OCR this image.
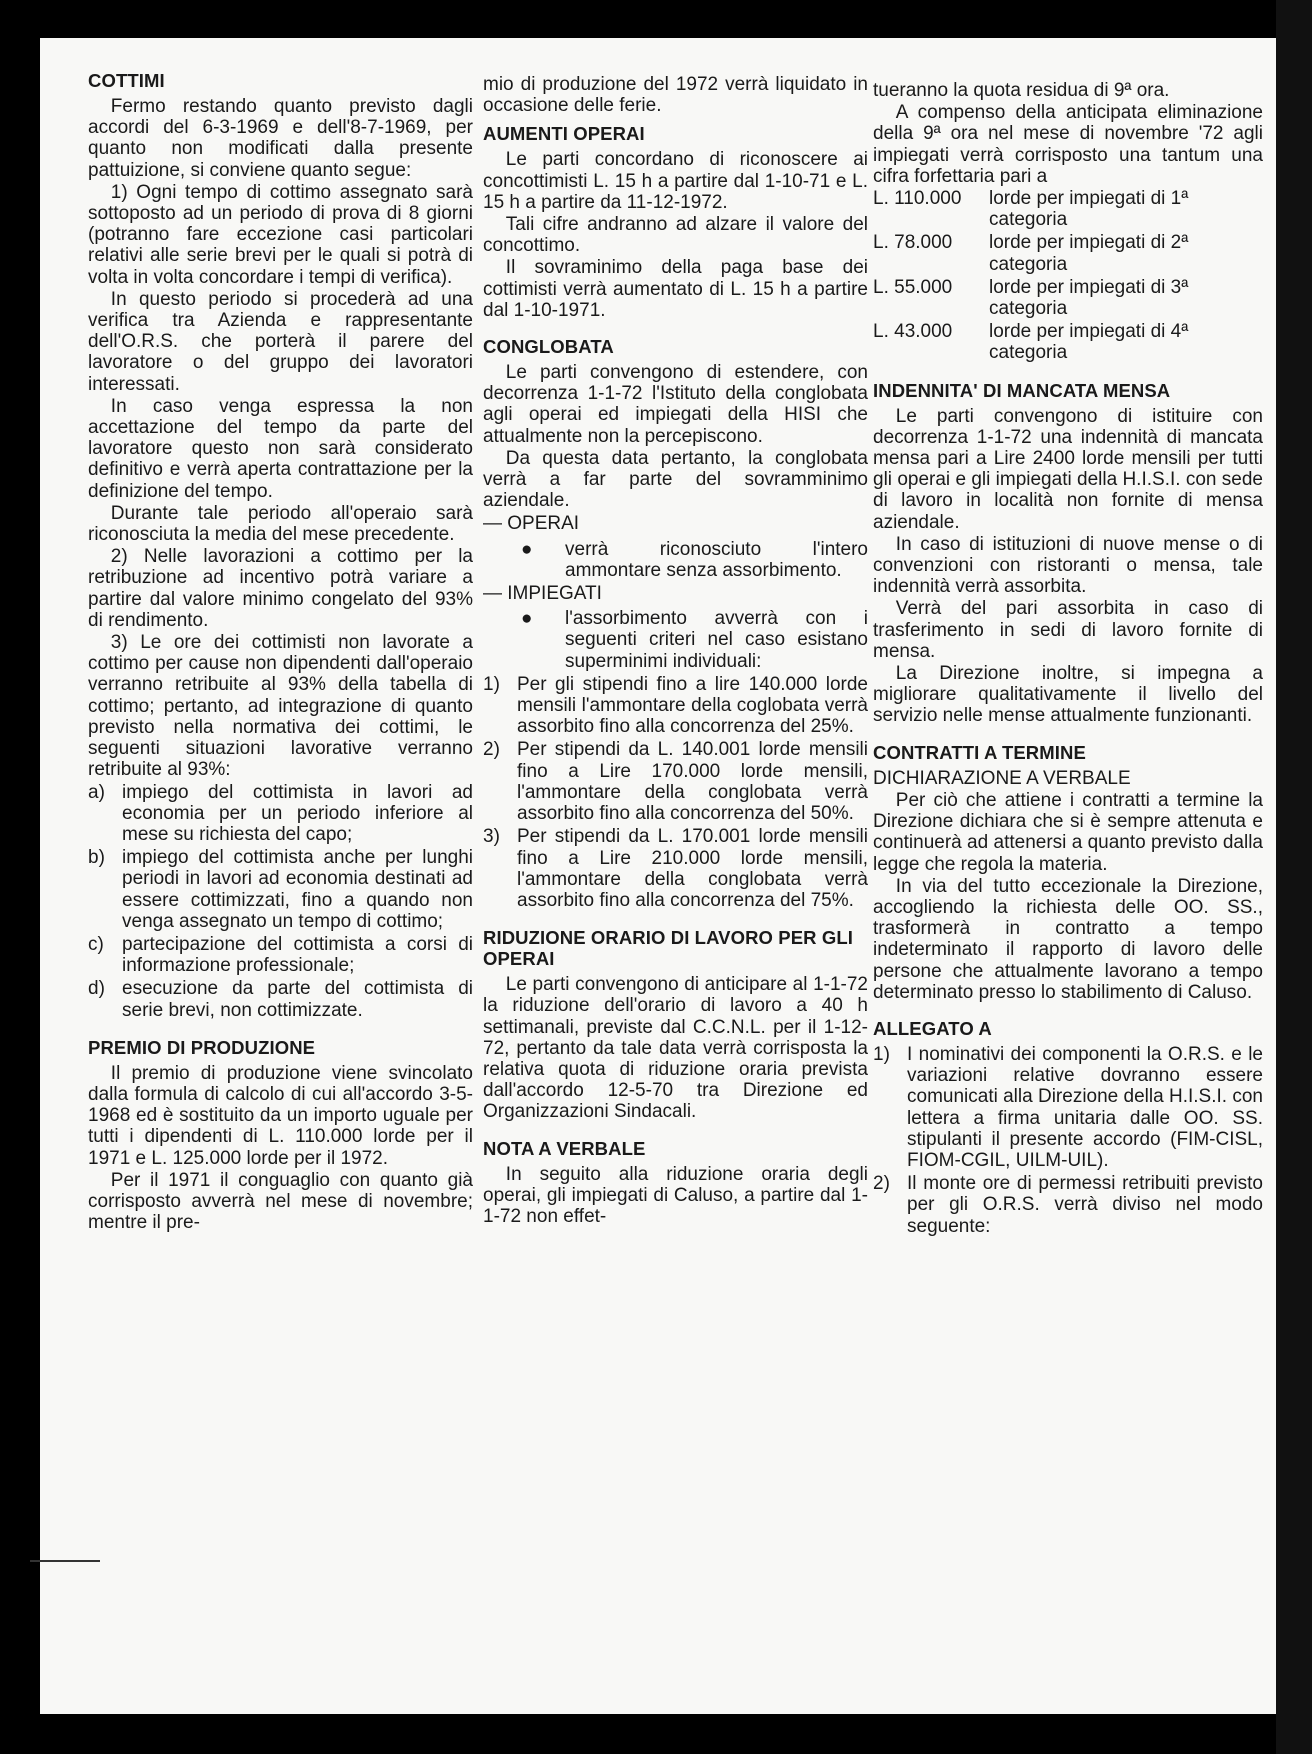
COTTIMI

Fermo restando quanto previsto dagli accordi del 6-3-1969 e dell'8-7-1969, per quanto non modificati dalla presente pattuizione, si conviene quanto segue:

1) Ogni tempo di cottimo assegnato sarà sottoposto ad un periodo di prova di 8 giorni (potranno fare eccezione casi particolari relativi alle serie brevi per le quali si potrà di volta in volta concordare i tempi di verifica).

In questo periodo si procederà ad una verifica tra Azienda e rappresentante dell'O.R.S. che porterà il parere del lavoratore o del gruppo dei lavoratori interessati.

In caso venga espressa la non accettazione del tempo da parte del lavoratore questo non sarà considerato definitivo e verrà aperta contrattazione per la definizione del tempo.

Durante tale periodo all'operaio sarà riconosciuta la media del mese precedente.

2) Nelle lavorazioni a cottimo per la retribuzione ad incentivo potrà variare a partire dal valore minimo congelato del 93% di rendimento.

3) Le ore dei cottimisti non lavorate a cottimo per cause non dipendenti dall'operaio verranno retribuite al 93% della tabella di cottimo; pertanto, ad integrazione di quanto previsto nella normativa dei cottimi, le seguenti situazioni lavorative verranno retribuite al 93%:

a) impiego del cottimista in lavori ad economia per un periodo inferiore al mese su richiesta del capo;
b) impiego del cottimista anche per lunghi periodi in lavori ad economia destinati ad essere cottimizzati, fino a quando non venga assegnato un tempo di cottimo;
c) partecipazione del cottimista a corsi di informazione professionale;
d) esecuzione da parte del cottimista di serie brevi, non cottimizzate.
PREMIO DI PRODUZIONE

Il premio di produzione viene svincolato dalla formula di calcolo di cui all'accordo 3-5-1968 ed è sostituito da un importo uguale per tutti i dipendenti di L. 110.000 lorde per il 1971 e L. 125.000 lorde per il 1972.

Per il 1971 il conguaglio con quanto già corrisposto avverrà nel mese di novembre; mentre il pre-

mio di produzione del 1972 verrà liquidato in occasione delle ferie.

AUMENTI OPERAI

Le parti concordano di riconoscere ai concottimisti L. 15 h a partire dal 1-10-71 e L. 15 h a partire da 11-12-1972.

Tali cifre andranno ad alzare il valore del concottimo.

Il sovraminimo della paga base dei cottimisti verrà aumentato di L. 15 h a partire dal 1-10-1971.

CONGLOBATA

Le parti convengono di estendere, con decorrenza 1-1-72 l'Istituto della conglobata agli operai ed impiegati della HISI che attualmente non la percepiscono.

Da questa data pertanto, la conglobata verrà a far parte del sovramminimo aziendale.

— OPERAI
●	verrà riconosciuto l'intero ammontare senza assorbimento.
— IMPIEGATI
●	l'assorbimento avverrà con i seguenti criteri nel caso esistano superminimi individuali:
1) Per gli stipendi fino a lire 140.000 lorde mensili l'ammontare della coglobata verrà assorbito fino alla concorrenza del 25%.
2) Per stipendi da L. 140.001 lorde mensili fino a Lire 170.000 lorde mensili, l'ammontare della conglobata verrà assorbito fino alla concorrenza del 50%.
3) Per stipendi da L. 170.001 lorde mensili fino a Lire 210.000 lorde mensili, l'ammontare della conglobata verrà assorbito fino alla concorrenza del 75%.
RIDUZIONE ORARIO DI LAVORO PER GLI OPERAI

Le parti convengono di anticipare al 1-1-72 la riduzione dell'orario di lavoro a 40 h settimanali, previste dal C.C.N.L. per il 1-12-72, pertanto da tale data verrà corrisposta la relativa quota di riduzione oraria prevista dall'accordo 12-5-70 tra Direzione ed Organizzazioni Sindacali.

NOTA A VERBALE

In seguito alla riduzione oraria degli operai, gli impiegati di Caluso, a partire dal 1-1-72 non effet-

tueranno la quota residua di 9ª ora.

A compenso della anticipata eliminazione della 9ª ora nel mese di novembre '72 agli impiegati verrà corrisposto una tantum una cifra forfettaria pari a

L. 110.000	lorde per impiegati di 1ª categoria
L. 78.000	lorde per impiegati di 2ª categoria
L. 55.000	lorde per impiegati di 3ª categoria
L. 43.000	lorde per impiegati di 4ª categoria
INDENNITA' DI MANCATA MENSA

Le parti convengono di istituire con decorrenza 1-1-72 una indennità di mancata mensa pari a Lire 2400 lorde mensili per tutti gli operai e gli impiegati della H.I.S.I. con sede di lavoro in località non fornite di mensa aziendale.

In caso di istituzioni di nuove mense o di convenzioni con ristoranti o mensa, tale indennità verrà assorbita.

Verrà del pari assorbita in caso di trasferimento in sedi di lavoro fornite di mensa.

La Direzione inoltre, si impegna a migliorare qualitativamente il livello del servizio nelle mense attualmente funzionanti.

CONTRATTI A TERMINE

DICHIARAZIONE A VERBALE

Per ciò che attiene i contratti a termine la Direzione dichiara che si è sempre attenuta e continuerà ad attenersi a quanto previsto dalla legge che regola la materia.

In via del tutto eccezionale la Direzione, accogliendo la richiesta delle OO. SS., trasformerà in contratto a tempo indeterminato il rapporto di lavoro delle persone che attualmente lavorano a tempo determinato presso lo stabilimento di Caluso.

ALLEGATO A
1) I nominativi dei componenti la O.R.S. e le variazioni relative dovranno essere comunicati alla Direzione della H.I.S.I. con lettera a firma unitaria dalle OO. SS. stipulanti il presente accordo (FIM-CISL, FIOM-CGIL, UILM-UIL).
2) Il monte ore di permessi retribuiti previsto per gli O.R.S. verrà diviso nel modo seguente:
